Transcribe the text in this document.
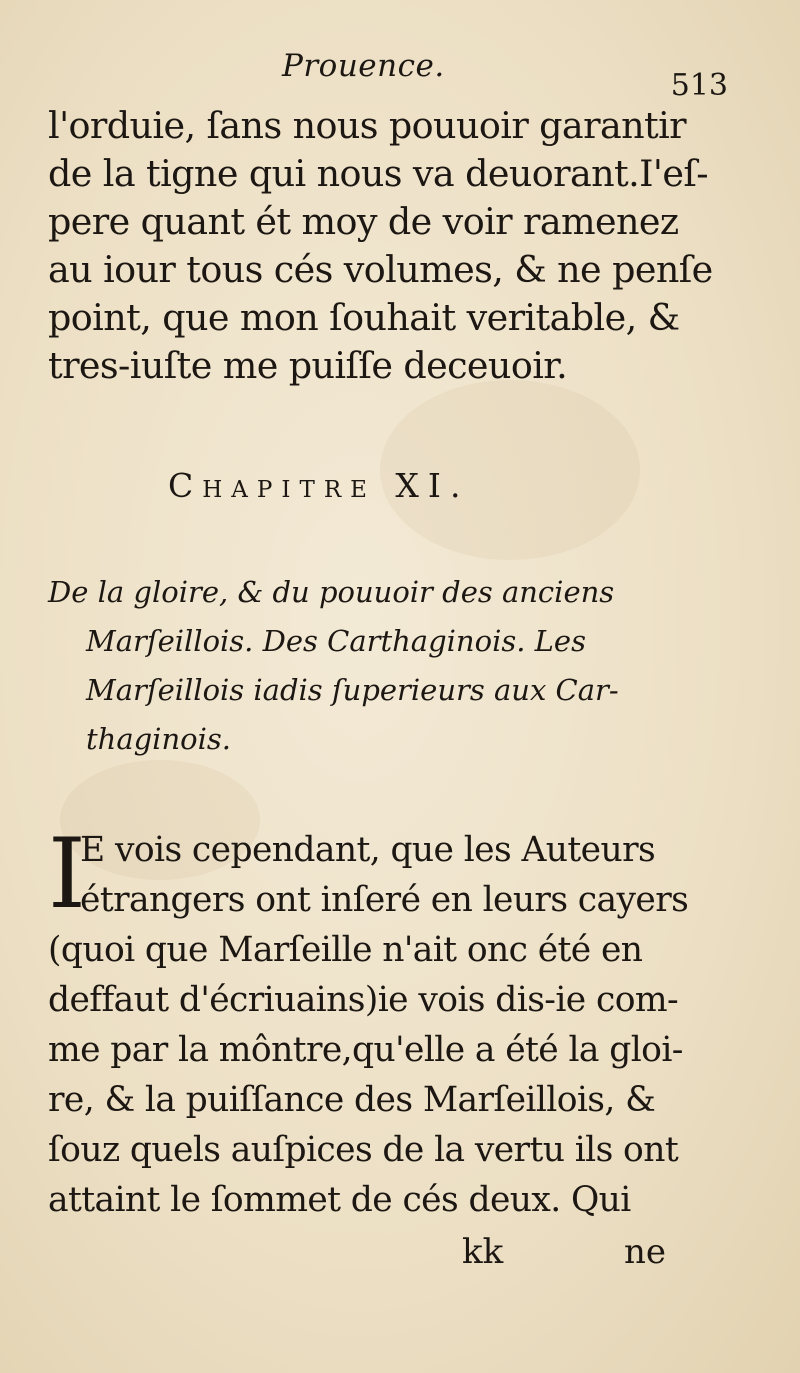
Prouence.
513
l'orduie, ſans nous pouuoir garantir
de la tigne qui nous va deuorant.I'eſ-
pere quant ét moy de voir ramenez
au iour tous cés volumes, & ne penſe
point, que mon ſouhait veritable, &
tres-iuſte me puiſſe deceuoir.
Chapitre XI.
De la gloire, & du pouuoir des anciens
Marſeillois. Des Carthaginois. Les
Marſeillois iadis ſuperieurs aux Car-
thaginois.
I
E vois cependant, que les Auteurs
étrangers ont inſeré en leurs cayers
(quoi que Marſeille n'ait onc été en
deffaut d'écriuains)ie vois dis-ie com-
me par la môntre,qu'elle a été la gloi-
re, & la puiſſance des Marſeillois, &
ſouz quels auſpices de la vertu ils ont
attaint le ſommet de cés deux. Qui
kk	ne
